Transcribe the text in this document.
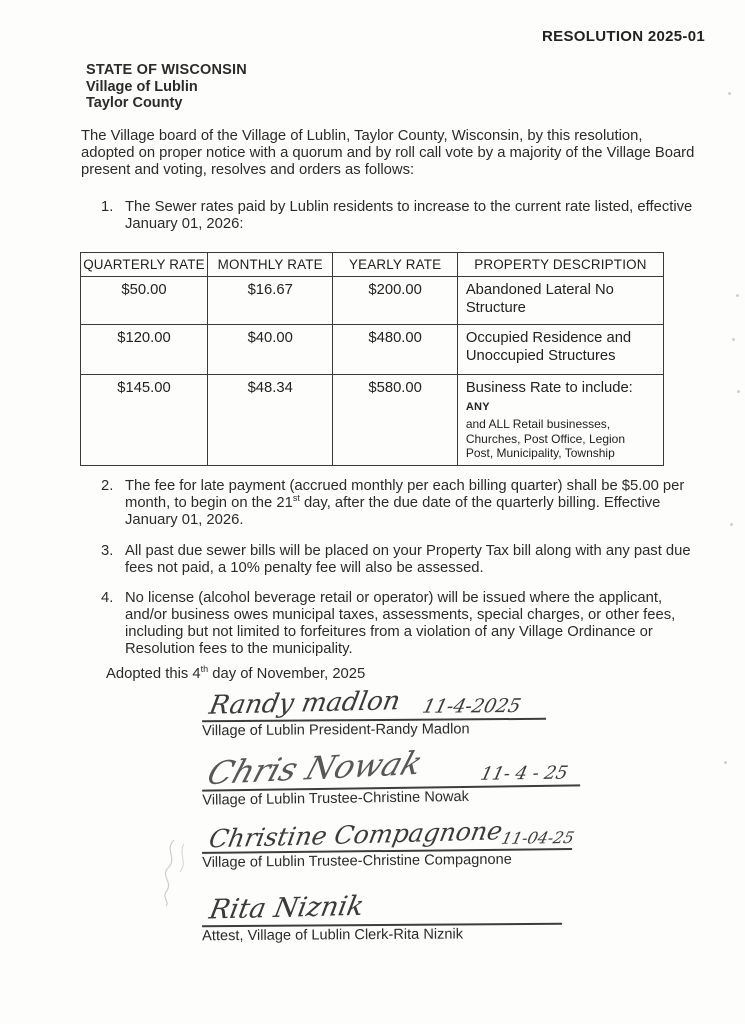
RESOLUTION 2025-01
STATE OF WISCONSIN
Village of Lublin
Taylor County

The Village board of the Village of Lublin, Taylor County, Wisconsin, by this resolution, adopted on proper notice with a quorum and by roll call vote by a majority of the Village Board present and voting, resolves and orders as follows:

1. The Sewer rates paid by Lublin residents to increase to the current rate listed, effective January 01, 2026:
QUARTERLY RATE	MONTHLY RATE	YEARLY RATE	PROPERTY DESCRIPTION
$50.00	$16.67	$200.00	Abandoned Lateral No Structure
$120.00	$40.00	$480.00	Occupied Residence and Unoccupied Structures
$145.00	$48.34	$580.00	Business Rate to include: ANY
and ALL Retail businesses, Churches, Post Office, Legion Post, Municipality, Township
2. The fee for late payment (accrued monthly per each billing quarter) shall be $5.00 per month, to begin on the 21st day, after the due date of the quarterly billing. Effective January 01, 2026.
3. All past due sewer bills will be placed on your Property Tax bill along with any past due fees not paid, a 10% penalty fee will also be assessed.
4. No license (alcohol beverage retail or operator) will be issued where the applicant, and/or business owes municipal taxes, assessments, special charges, or other fees, including but not limited to forfeitures from a violation of any Village Ordinance or Resolution fees to the municipality.
Adopted this 4th day of November, 2025
Randy madlon 11-4-2025
Village of Lublin President-Randy Madlon
Chris Nowak	11- 4 - 25
Village of Lublin Trustee-Christine Nowak
Christine Compagnone
11-04-25
Village of Lublin Trustee-Christine Compagnone
Rita Niznik
Attest, Village of Lublin Clerk-Rita Niznik
